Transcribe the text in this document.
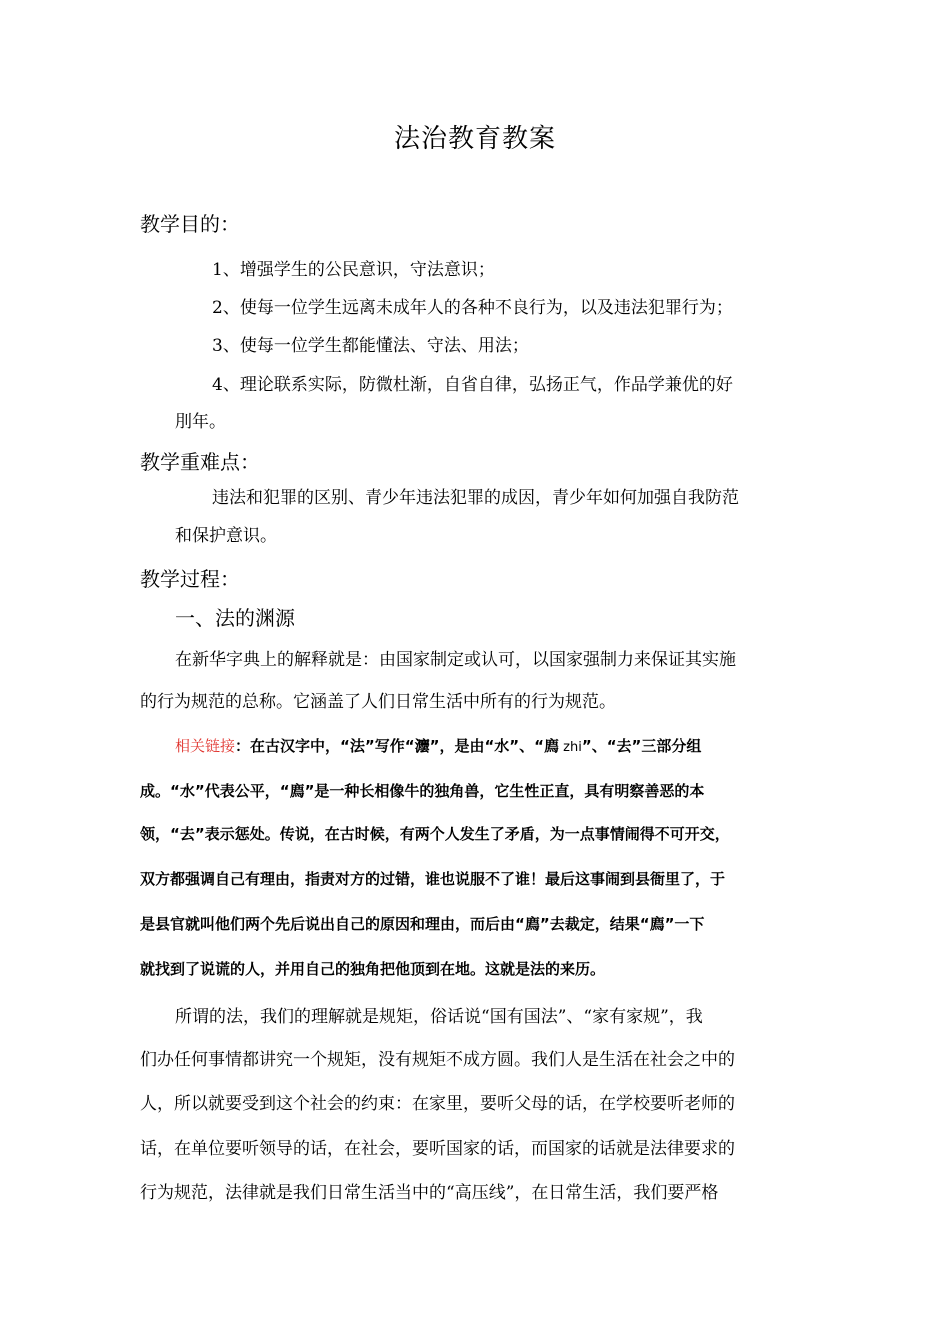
法治教育教案
教学目的：
1、增强学生的公民意识，守法意识；
2、使每一位学生远离未成年人的各种不良行为，以及违法犯罪行为；
3、使每一位学生都能懂法、守法、用法；
4、理论联系实际，防微杜渐，自省自律，弘扬正气，作品学兼优的好
刖年。
教学重难点：
违法和犯罪的区别、青少年违法犯罪的成因，青少年如何加强自我防范
和保护意识。
教学过程：
一、法的渊源
在新华字典上的解释就是：由国家制定或认可，以国家强制力来保证其实施
的行为规范的总称。它涵盖了人们日常生活中所有的行为规范。
相关链接：在古汉字中，“法”写作“灋”，是由“水”、“廌 zhi”、“去”三部分组
成。“水”代表公平，“廌”是一种长相像牛的独角兽，它生性正直，具有明察善恶的本
领，“去”表示惩处。传说，在古时候，有两个人发生了矛盾，为一点事情闹得不可开交，
双方都强调自己有理由，指责对方的过错，谁也说服不了谁！最后这事闹到县衙里了，于
是县官就叫他们两个先后说出自己的原因和理由，而后由“廌”去裁定，结果“廌”一下
就找到了说谎的人，并用自己的独角把他顶到在地。这就是法的来历。
所谓的法，我们的理解就是规矩，俗话说“国有国法”、“家有家规”，我
们办任何事情都讲究一个规矩，没有规矩不成方圆。我们人是生活在社会之中的
人，所以就要受到这个社会的约束：在家里，要听父母的话，在学校要听老师的
话，在单位要听领导的话，在社会，要听国家的话，而国家的话就是法律要求的
行为规范，法律就是我们日常生活当中的“高压线”，在日常生活，我们要严格
